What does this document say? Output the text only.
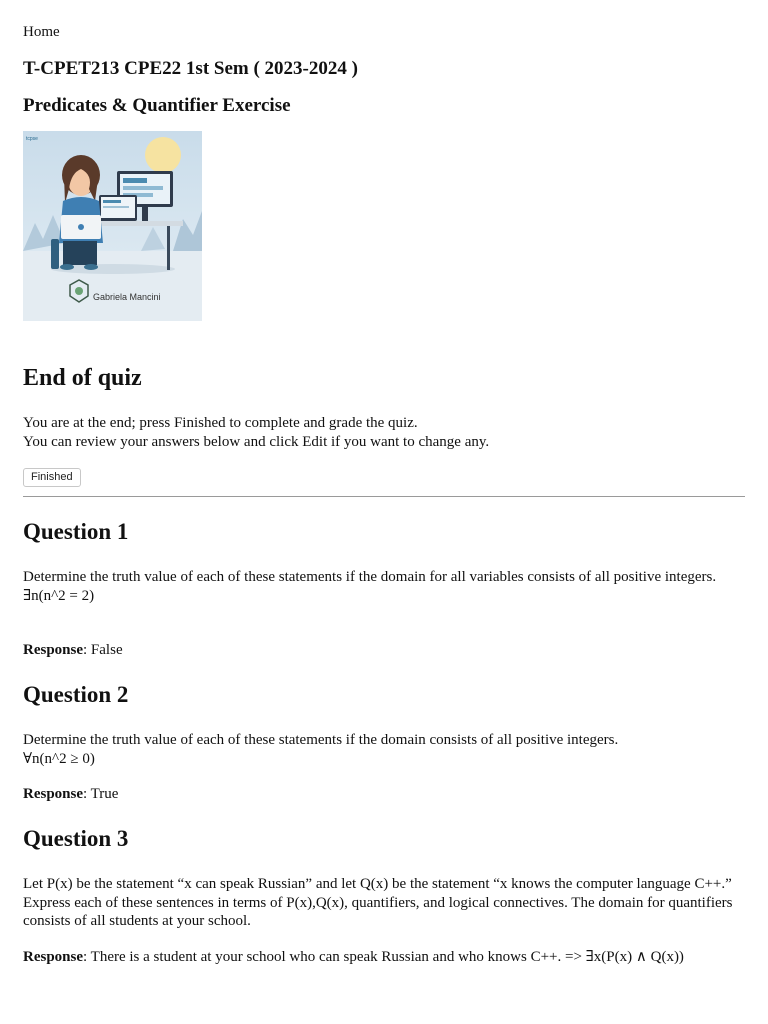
Home
T-CPET213 CPE22 1st Sem ( 2023-2024 )
Predicates & Quantifier Exercise
tcpse
Gabriela Mancini
End of quiz
You are at the end; press Finished to complete and grade the quiz.
You can review your answers below and click Edit if you want to change any.
Finished
Question 1
Determine the truth value of each of these statements if the domain for all variables consists of all positive integers.
∃n(n^2 = 2)
Response: False
Question 2
Determine the truth value of each of these statements if the domain consists of all positive integers.
∀n(n^2 ≥ 0)
Response: True
Question 3
Let P(x) be the statement “x can speak Russian” and let Q(x) be the statement “x knows the computer language C++.” Express each of these sentences in terms of P(x),Q(x), quantifiers, and logical connectives. The domain for quantifiers consists of all students at your school.
Response: There is a student at your school who can speak Russian and who knows C++. => ∃x(P(x) ∧ Q(x))
